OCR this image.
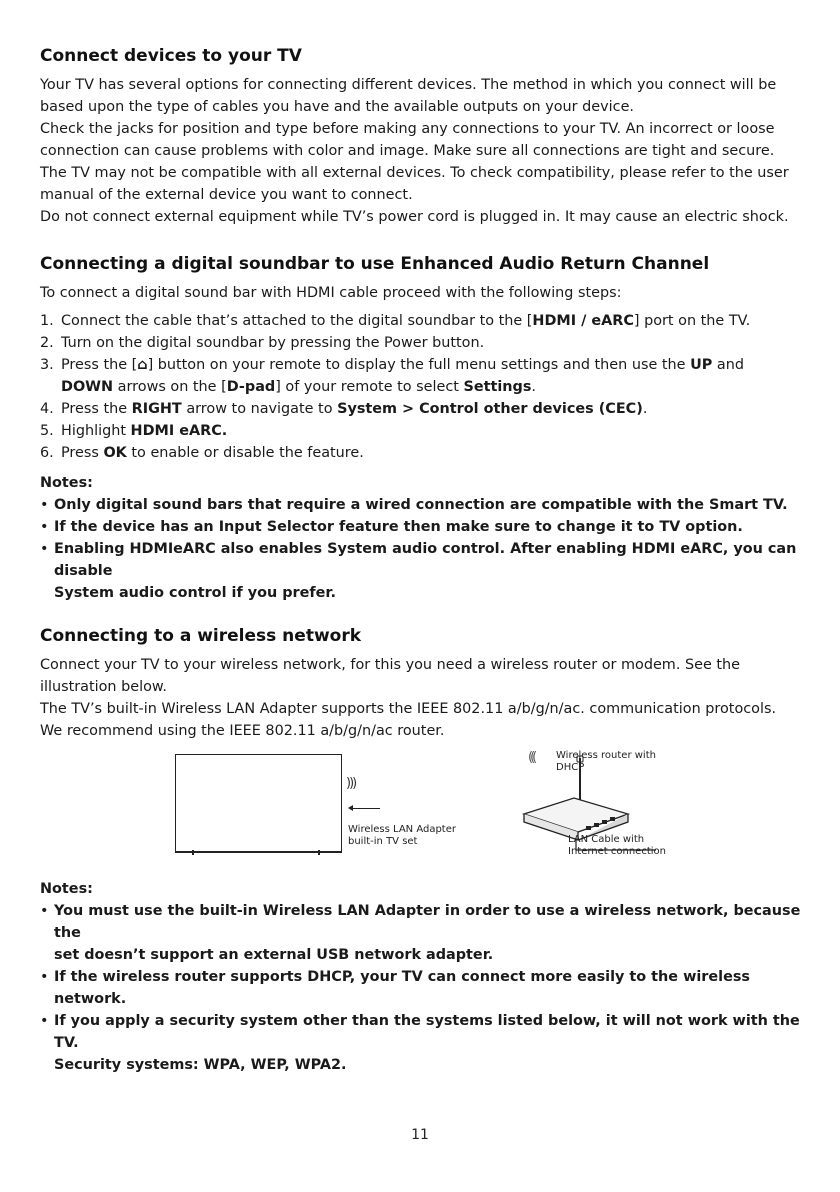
Connect devices to your TV

Your TV has several options for connecting different devices. The method in which you connect will be

based upon the type of cables you have and the available outputs on your device.

Check the jacks for position and type before making any connections to your TV. An incorrect or loose

connection can cause problems with color and image. Make sure all connections are tight and secure.

The TV may not be compatible with all external devices. To check compatibility, please refer to the user

manual of the external device you want to connect.

Do not connect external equipment while TV’s power cord is plugged in. It may cause an electric shock.

Connecting a digital soundbar to use Enhanced Audio Return Channel

To connect a digital sound bar with HDMI cable proceed with the following steps:

1. Connect the cable that’s attached to the digital soundbar to the [HDMI / eARC] port on the TV.
2. Turn on the digital soundbar by pressing the Power button.
3. Press the [⌂] button on your remote to display the full menu settings and then use the UP and
DOWN arrows on the [D-pad] of your remote to select Settings.
4. Press the RIGHT arrow to navigate to System > Control other devices (CEC).
5. Highlight HDMI eARC.
6. Press OK to enable or disable the feature.
Notes:
• Only digital sound bars that require a wired connection are compatible with the Smart TV.
• If the device has an Input Selector feature then make sure to change it to TV option.
• Enabling HDMIeARC also enables System audio control. After enabling HDMI eARC, you can disable
System audio control if you prefer.
Connecting to a wireless network

Connect your TV to your wireless network, for this you need a wireless router or modem. See the

illustration below.

The TV’s built-in Wireless LAN Adapter supports the IEEE 802.11 a/b/g/n/ac. communication protocols.

We recommend using the IEEE 802.11 a/b/g/n/ac router.

)))
Wireless LAN Adapter
built-in TV set
((( Wireless router with
DHCP
LAN Cable with
Internet connection
Notes:
• You must use the built-in Wireless LAN Adapter in order to use a wireless network, because the
set doesn’t support an external USB network adapter.
• If the wireless router supports DHCP, your TV can connect more easily to the wireless network.
• If you apply a security system other than the systems listed below, it will not work with the TV.
Security systems: WPA, WEP, WPA2.
11
